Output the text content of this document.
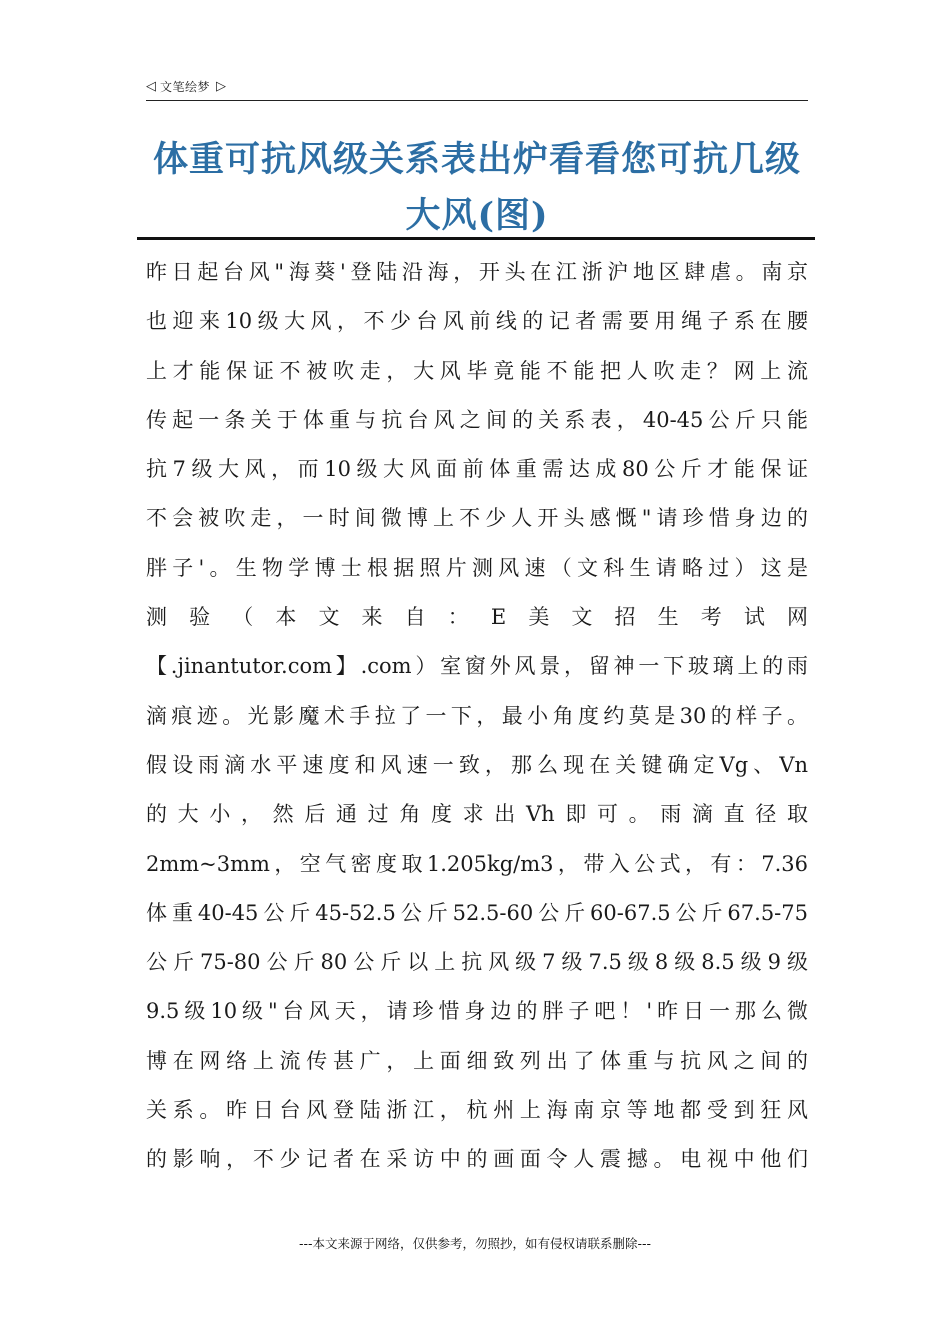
◁ 文笔绘梦 ▷
体重可抗风级关系表出炉看看您可抗几级
大风(图)
昨日起台风"海葵'登陆沿海，开头在江浙沪地区肆虐。南京
也迎来10级大风，不少台风前线的记者需要用绳子系在腰
上才能保证不被吹走，大风毕竟能不能把人吹走？网上流
传起一条关于体重与抗台风之间的关系表，40-45公斤只能
抗7级大风，而10级大风面前体重需达成80公斤才能保证
不会被吹走，一时间微博上不少人开头感慨"请珍惜身边的
胖子'。生物学博士根据照片测风速（文科生请略过）这是
测验（本文来自：E美文招生考试网
【.jinantutor.com】.com）室窗外风景，留神一下玻璃上的雨
滴痕迹。光影魔术手拉了一下，最小角度约莫是30的样子。
假设雨滴水平速度和风速一致，那么现在关键确定Vg、Vn
的大小，然后通过角度求出Vh即可。雨滴直径取
2mm~3mm，空气密度取1.205kg/m3，带入公式，有：7.36
体重40-45公斤45-52.5公斤52.5-60公斤60-67.5公斤67.5-75
公斤75-80公斤80公斤以上抗风级7级7.5级8级8.5级9级
9.5级10级"台风天，请珍惜身边的胖子吧！'昨日一那么微
博在网络上流传甚广，上面细致列出了体重与抗风之间的
关系。昨日台风登陆浙江，杭州上海南京等地都受到狂风
的影响，不少记者在采访中的画面令人震撼。电视中他们
---本文来源于网络，仅供参考，勿照抄，如有侵权请联系删除---
